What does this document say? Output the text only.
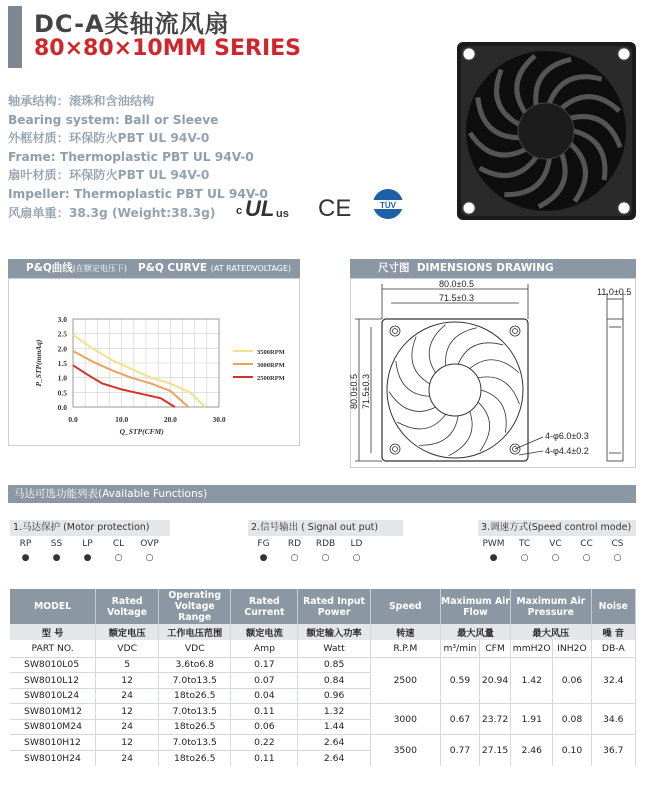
DC-A类轴流风扇
80×80×10MM SERIES
轴承结构：滚珠和含油结构
Bearing system: Ball or Sleeve
外框材质：环保防火PBT UL 94V-0
Frame: Thermoplastic PBT UL 94V-0
扇叶材质：环保防火PBT UL 94V-0
Impeller: Thermoplastic PBT UL 94V-0
风扇单重：38.3g (Weight:38.3g)	c UL us CE	TÜV
P&Q曲线(在额定电压下) P&Q CURVE (AT RATEDVOLTAGE)
0.0
0.5
1.0
1.5
2.0
2.5
3.0
0.0	10.0	20.0	30.0
Q_STP(CFM)
P_STP(mmAq)	3500RPM
3000RPM
2500RPM
尺寸图 DIMENSIONS DRAWING
80.0±0.5
71.5±0.3
11.0±0.5
4-φ6.0±0.3
4-φ4.4±0.2
80.0±0.5 71.5±0.3
马达可选功能列表(Available Functions)
1.马达保护 (Motor protection)
RP	SS	LP	CL	OVP
●	●	●	○	○
2.信号输出 ( Signal out put)
FG	RD	RDB	LD
●	○	○	○
3.调速方式(Speed control mode)
PWM	TC	VC	CC	CS
●	○	○	○	○
MODEL	Rated Voltage	Operating Voltage Range	Rated Current	Rated Input Power	Speed	Maximum Air Flow		Maximum Air Pressure		Noise
型 号	额定电压	工作电压范围	额定电流	额定输入功率	转速	最大风量		最大风压		噪 音
PART NO.	VDC	VDC	Amp	Watt	R.P.M	m³/min	CFM	mmH2O	INH2O	DB-A
SW8010L05	5	3.6to6.8	0.17	0.85	2500	0.59	20.94	1.42	0.06	32.4
SW8010L12	12	7.0to13.5	0.07	0.84						
SW8010L24	24	18to26.5	0.04	0.96						
SW8010M12	12	7.0to13.5	0.11	1.32	3000	0.67	23.72	1.91	0.08	34.6
SW8010M24	24	18to26.5	0.06	1.44						
SW8010H12	12	7.0to13.5	0.22	2.64	3500	0.77	27.15	2.46	0.10	36.7
SW8010H24	24	18to26.5	0.11	2.64						
